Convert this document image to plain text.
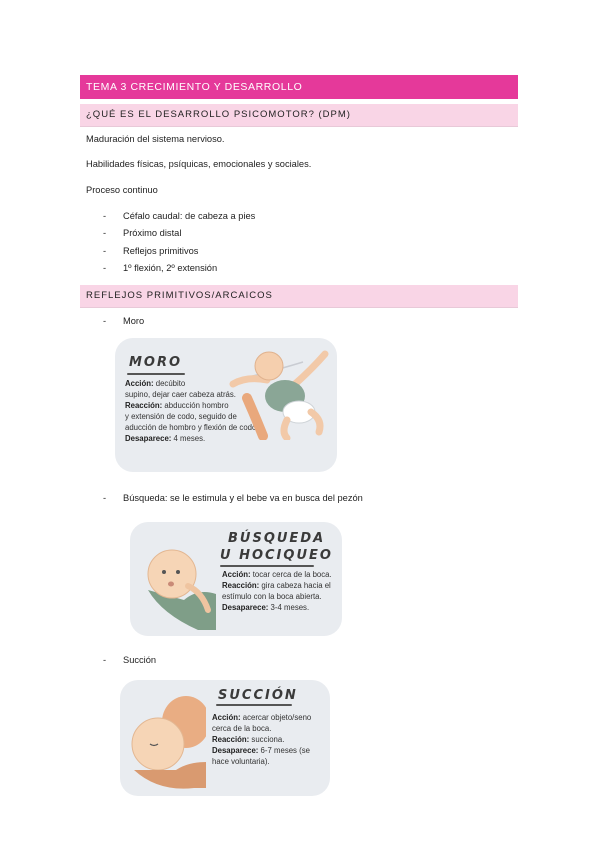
TEMA 3 CRECIMIENTO Y DESARROLLO
¿QUÉ ES EL DESARROLLO PSICOMOTOR? (DPM)
Maduración del sistema nervioso.
Habilidades físicas, psíquicas, emocionales y sociales.
Proceso continuo
- Céfalo caudal: de cabeza a pies
- Próximo distal
- Reflejos primitivos
- 1º flexión, 2º extensión
REFLEJOS PRIMITIVOS/ARCAICOS
- Moro
MORO
Acción: decúbito
supino, dejar caer cabeza atrás.
Reacción: abducción hombro
y extensión de codo, seguido de
aducción de hombro y flexión de codo.
Desaparece: 4 meses.
- Búsqueda: se le estimula y el bebe va en busca del pezón
BÚSQUEDA
U HOCIQUEO
Acción: tocar cerca de la boca.
Reacción: gira cabeza hacia el
estímulo con la boca abierta.
Desaparece: 3-4 meses.
- Succión
SUCCIÓN
Acción: acercar objeto/seno
cerca de la boca.
Reacción: succiona.
Desaparece: 6-7 meses (se
hace voluntaria).
